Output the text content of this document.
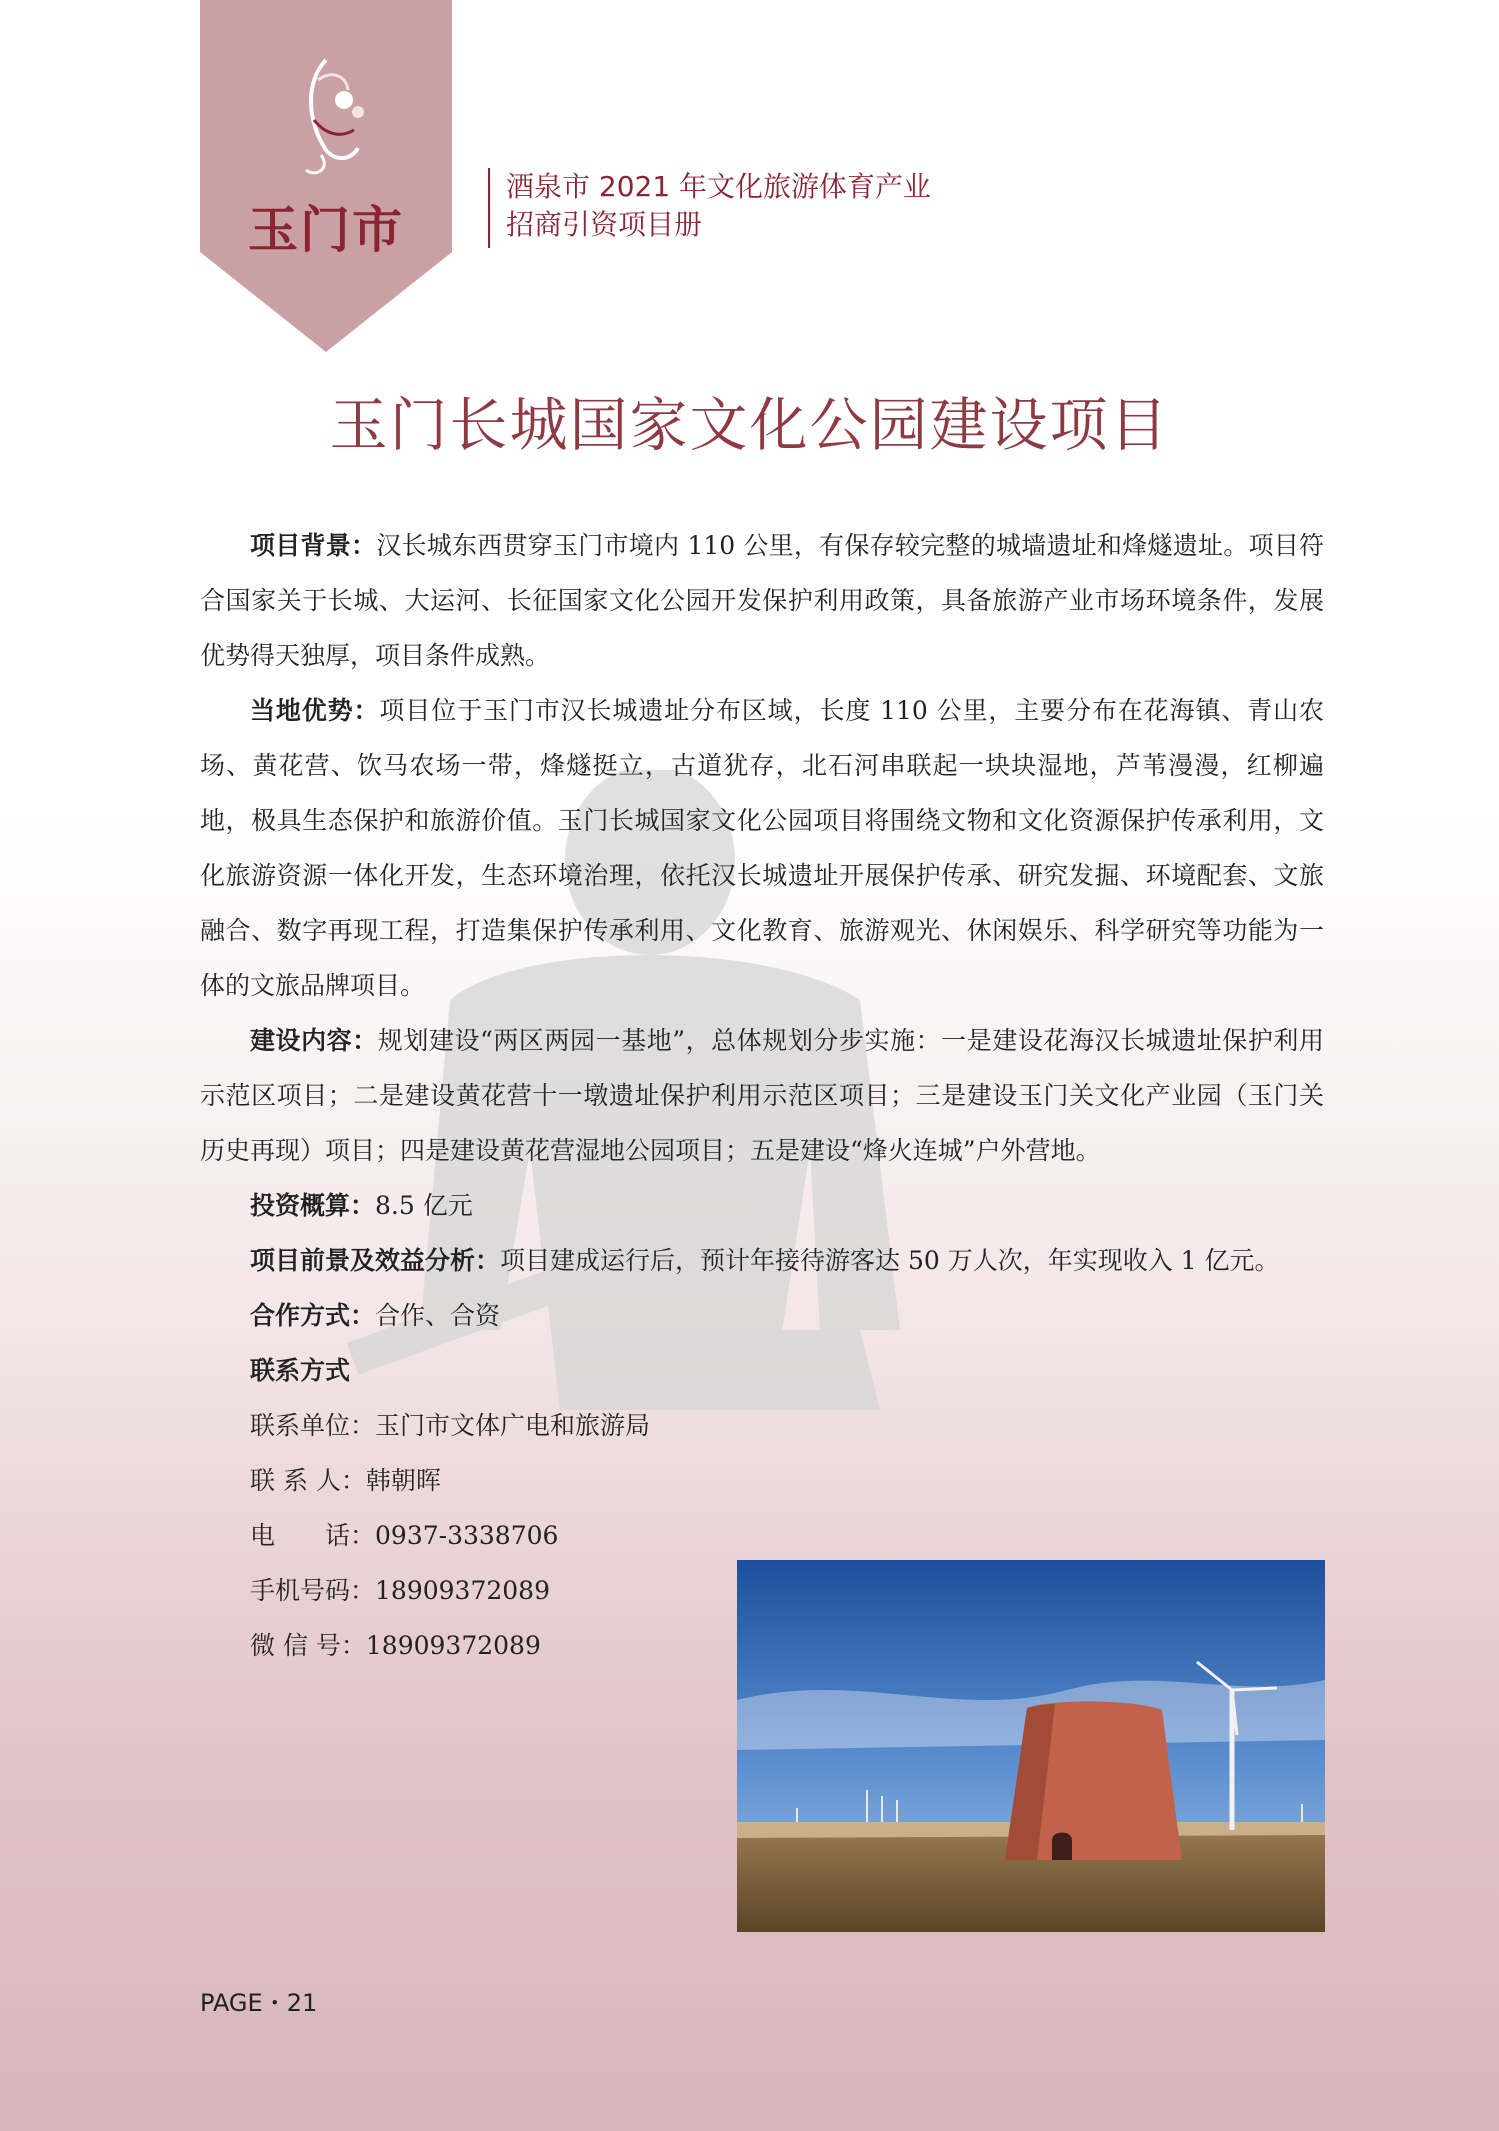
玉门市
酒泉市 2021 年文化旅游体育产业
招商引资项目册
玉门长城国家文化公园建设项目

项目背景：汉长城东西贯穿玉门市境内 110 公里，有保存较完整的城墙遗址和烽燧遗址。项目符合国家关于长城、大运河、长征国家文化公园开发保护利用政策，具备旅游产业市场环境条件，发展优势得天独厚，项目条件成熟。

当地优势：项目位于玉门市汉长城遗址分布区域，长度 110 公里，主要分布在花海镇、青山农场、黄花营、饮马农场一带，烽燧挺立，古道犹存，北石河串联起一块块湿地，芦苇漫漫，红柳遍地，极具生态保护和旅游价值。玉门长城国家文化公园项目将围绕文物和文化资源保护传承利用，文化旅游资源一体化开发，生态环境治理，依托汉长城遗址开展保护传承、研究发掘、环境配套、文旅融合、数字再现工程，打造集保护传承利用、文化教育、旅游观光、休闲娱乐、科学研究等功能为一体的文旅品牌项目。

建设内容：规划建设“两区两园一基地”，总体规划分步实施：一是建设花海汉长城遗址保护利用示范区项目；二是建设黄花营十一墩遗址保护利用示范区项目；三是建设玉门关文化产业园（玉门关历史再现）项目；四是建设黄花营湿地公园项目；五是建设“烽火连城”户外营地。

投资概算：8.5 亿元

项目前景及效益分析：项目建成运行后，预计年接待游客达 50 万人次，年实现收入 1 亿元。

合作方式：合作、合资

联系方式

联系单位：玉门市文体广电和旅游局
联 系 人：韩朝晖
电　　话：0937-3338706
手机号码：18909372089
微 信 号：18909372089
PAGE・21
